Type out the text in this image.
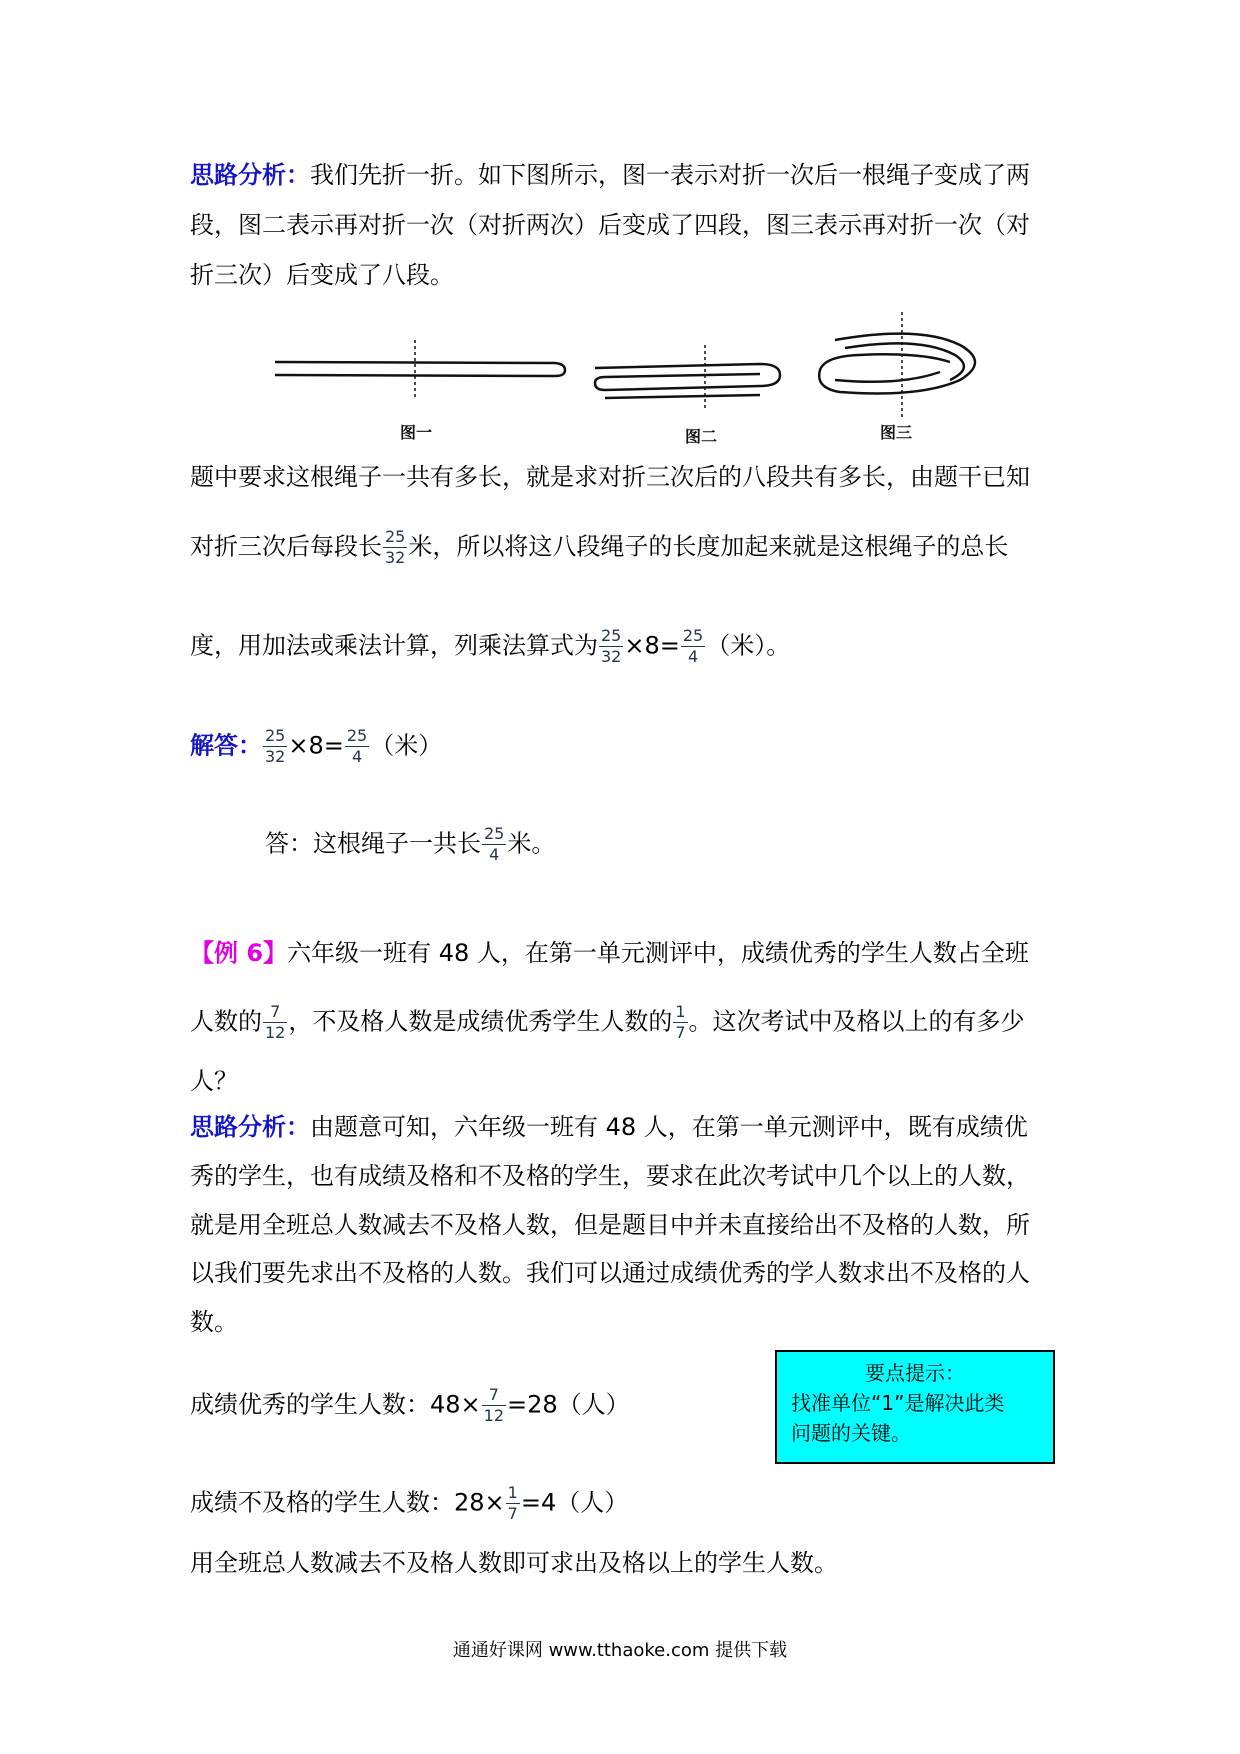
思路分析：我们先折一折。如下图所示，图一表示对折一次后一根绳子变成了两
段，图二表示再对折一次（对折两次）后变成了四段，图三表示再对折一次（对
折三次）后变成了八段。
图一	图二	图三
题中要求这根绳子一共有多长，就是求对折三次后的八段共有多长，由题干已知
对折三次后每段长 $\frac{25}{32}$ 米，所以将这八段绳子的长度加起来就是这根绳子的总长
度，用加法或乘法计算，列乘法算式为 $\frac{25}{32} \times 8= \frac{25}{4}$ （米）。
解答： $\frac{25}{32} \times 8= \frac{25}{4}$ （米）
答：这根绳子一共长 $\frac{25}{4}$ 米。
【例 6】六年级一班有 48 人，在第一单元测评中，成绩优秀的学生人数占全班
人数的 $\frac{7}{12}$ ，不及格人数是成绩优秀学生人数的 $\frac{1}{7}$ 。这次考试中及格以上的有多少
人？
思路分析：由题意可知，六年级一班有 48 人，在第一单元测评中，既有成绩优
秀的学生，也有成绩及格和不及格的学生，要求在此次考试中几个以上的人数，
就是用全班总人数减去不及格人数，但是题目中并未直接给出不及格的人数，所
以我们要先求出不及格的人数。我们可以通过成绩优秀的学人数求出不及格的人
数。
成绩优秀的学生人数：$48\times \frac{7}{12} =28$（人）
成绩不及格的学生人数：$28\times \frac{1}{7} =4$（人）
用全班总人数减去不及格人数即可求出及格以上的学生人数。
要点提示：
找准单位“1”是解决此类
问题的关键。
通通好课网 www.tthaoke.com 提供下载
